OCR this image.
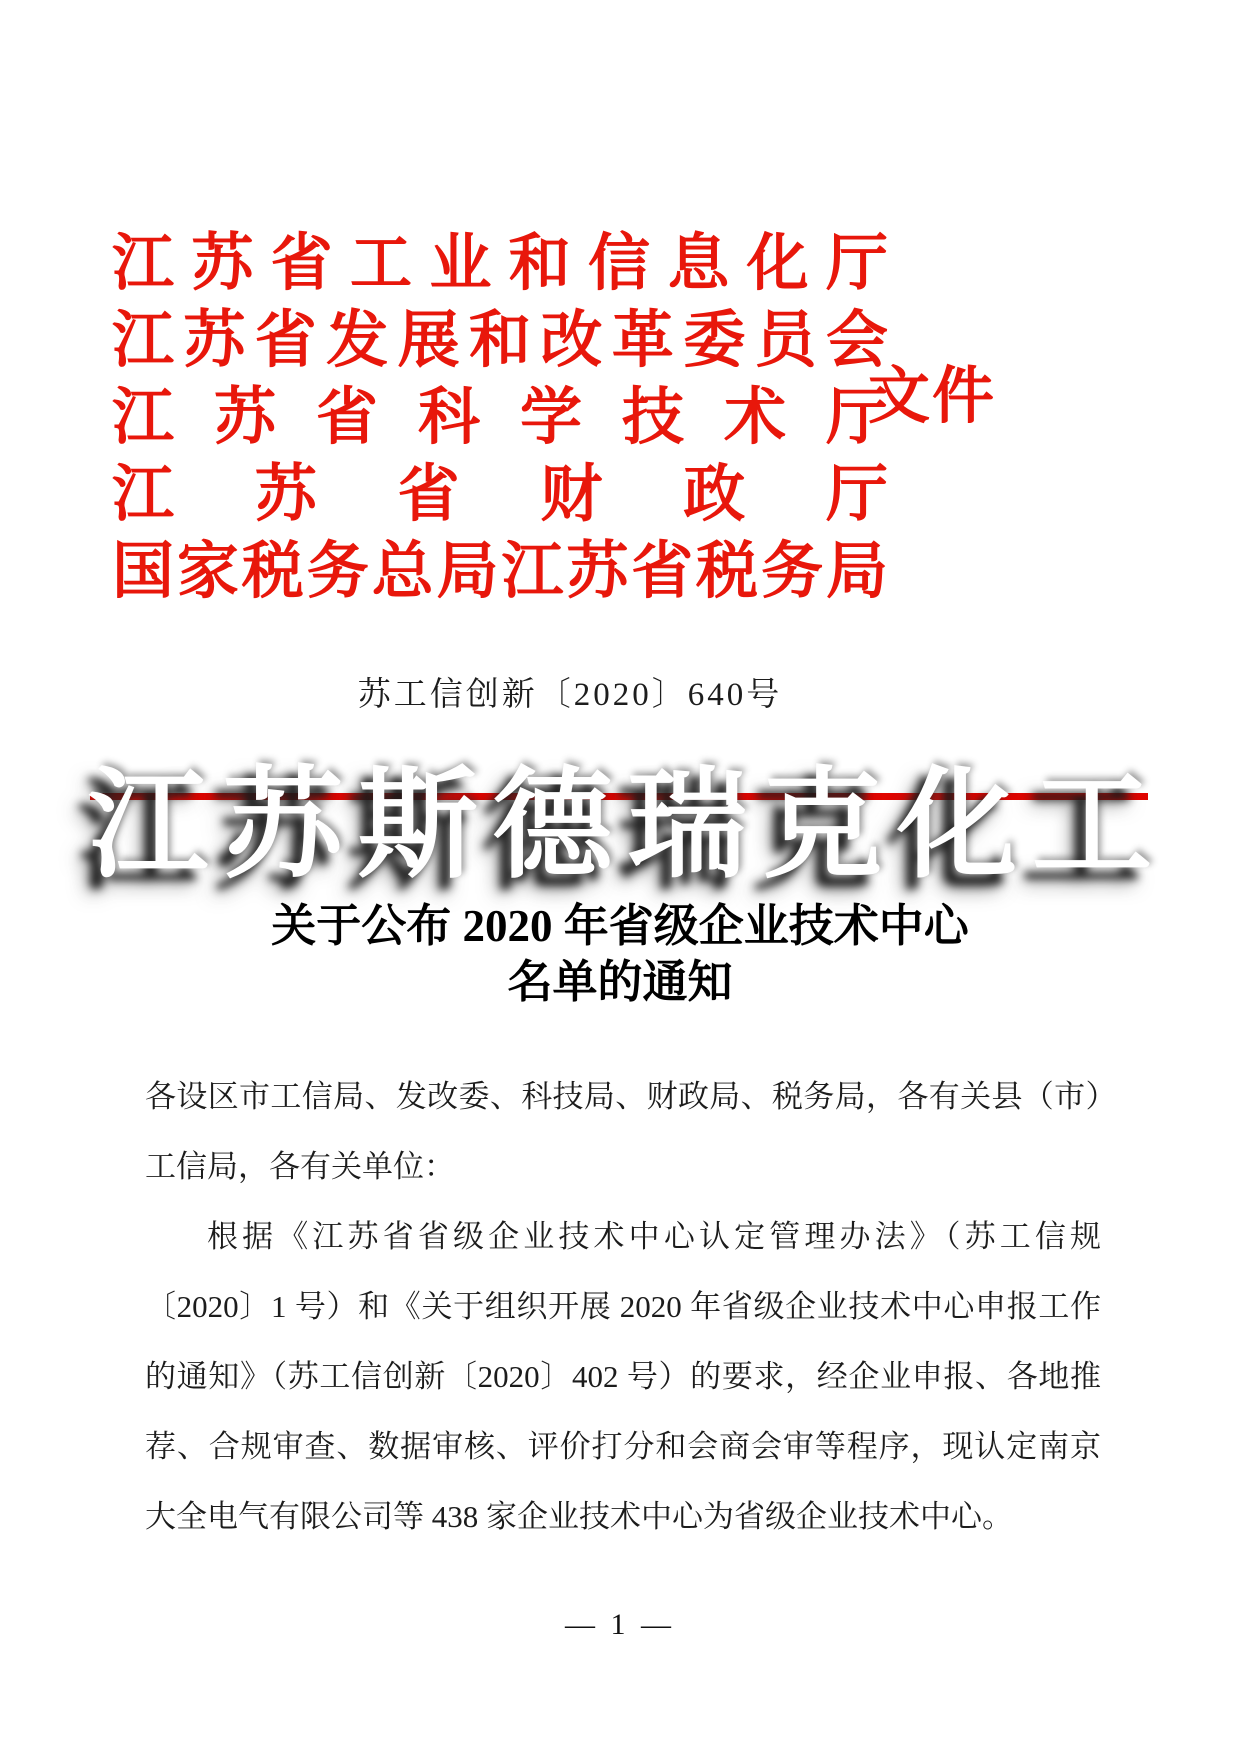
江苏省工业和信息化厅
江苏省发展和改革委员会
江苏省科学技术厅
江苏省财政厅
国家税务总局江苏省税务局
文件
苏工信创新〔2020〕640号
江苏斯德瑞克化工
关于公布 2020 年省级企业技术中心
名单的通知

各设区市工信局、发改委、科技局、财政局、税务局，各有关县（市）工信局，各有关单位：

根据《江苏省省级企业技术中心认定管理办法》（苏工信规〔2020〕1 号）和《关于组织开展 2020 年省级企业技术中心申报工作的通知》（苏工信创新〔2020〕402 号）的要求，经企业申报、各地推荐、合规审查、数据审核、评价打分和会商会审等程序，现认定南京大全电气有限公司等 438 家企业技术中心为省级企业技术中心。

— 1 —
